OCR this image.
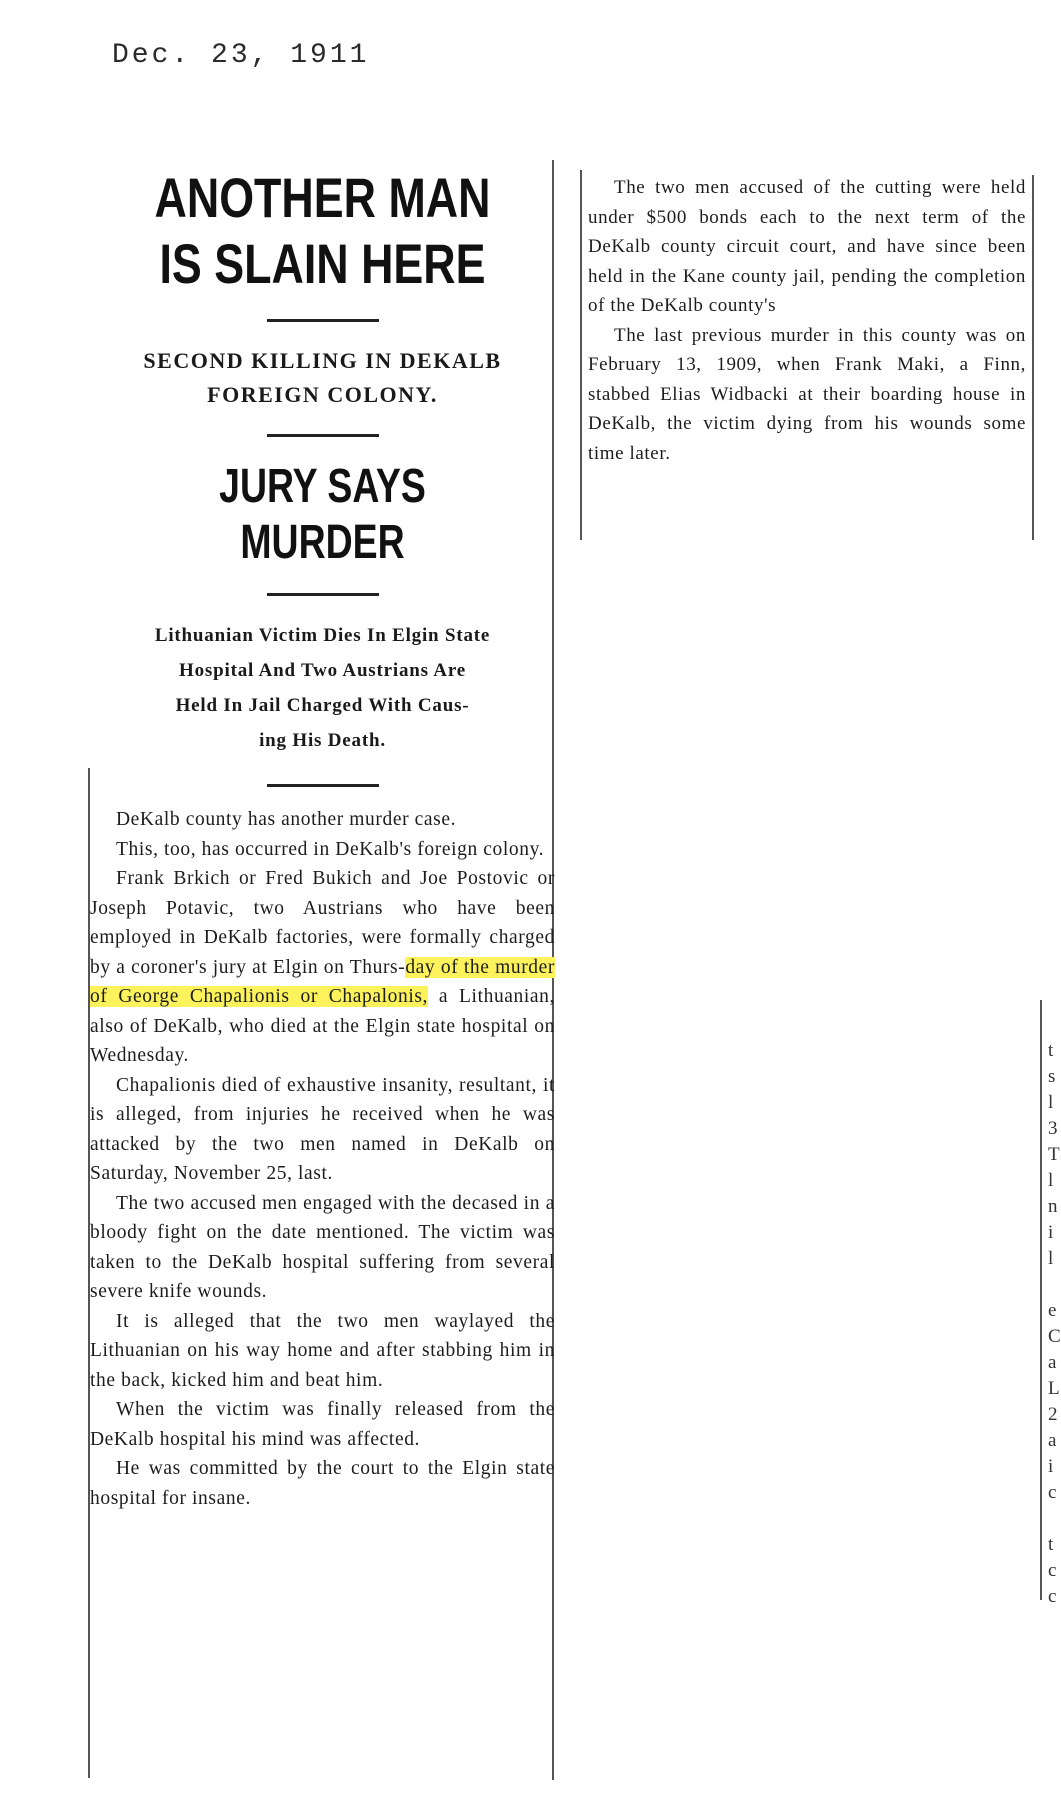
Dec. 23, 1911
ANOTHER MAN
IS SLAIN HERE

SECOND KILLING IN DEKALB

FOREIGN COLONY.

JURY SAYS MURDER

Lithuanian Victim Dies In Elgin State

Hospital And Two Austrians Are

Held In Jail Charged With Caus-

ing His Death.

DeKalb county has another murder case.

This, too, has occurred in DeKalb's foreign colony.

Frank Brkich or Fred Bukich and Joe Postovic or Joseph Potavic, two Austrians who have been employed in DeKalb factories, were formally charged by a coroner's jury at Elgin on Thurs-day of the murder of George Chapalionis or Chapalonis, a Lithuanian, also of DeKalb, who died at the Elgin state hospital on Wednesday.

Chapalionis died of exhaustive insanity, resultant, it is alleged, from injuries he received when he was attacked by the two men named in DeKalb on Saturday, November 25, last.

The two accused men engaged with the decased in a bloody fight on the date mentioned. The victim was taken to the DeKalb hospital suffering from several severe knife wounds.

It is alleged that the two men waylayed the Lithuanian on his way home and after stabbing him in the back, kicked him and beat him.

When the victim was finally released from the DeKalb hospital his mind was affected.

He was committed by the court to the Elgin state hospital for insane.

The two men accused of the cutting were held under $500 bonds each to the next term of the DeKalb county circuit court, and have since been held in the Kane county jail, pending the completion of the DeKalb county's

The last previous murder in this county was on February 13, 1909, when Frank Maki, a Finn, stabbed Elias Widbacki at their boarding house in DeKalb, the victim dying from his wounds some time later.

t
s
l
3
T
l
n
i
l
e
C
a
L
2
a
i
c
t
c
c
